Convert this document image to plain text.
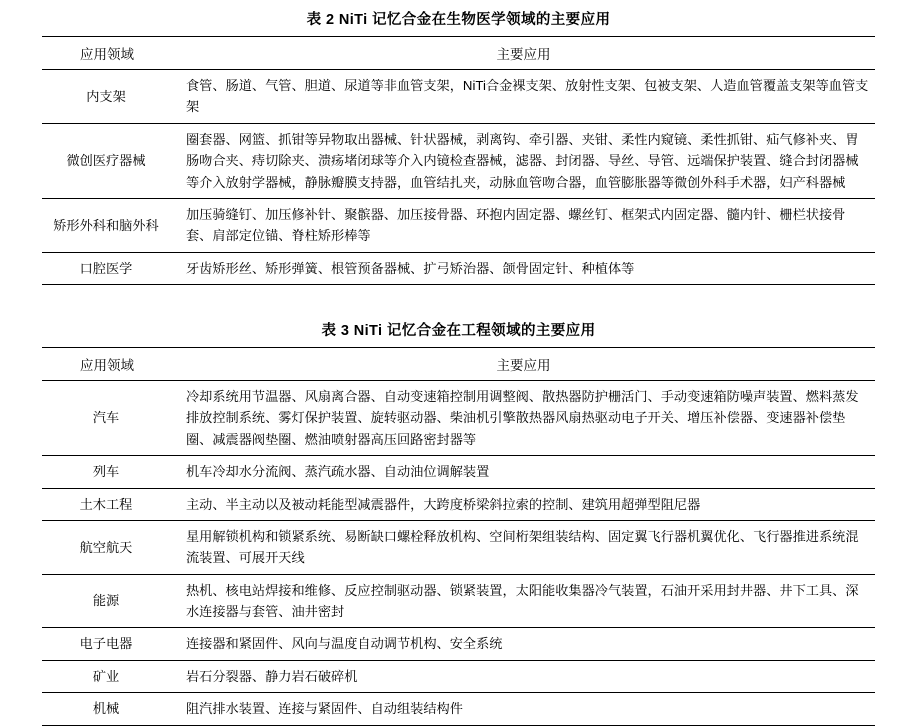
表 2 NiTi 记忆合金在生物医学领域的主要应用
应用领域	主要应用
内支架	食管、肠道、气管、胆道、尿道等非血管支架，NiTi合金裸支架、放射性支架、包被支架、人造血管覆盖支架等血管支架
微创医疗器械	圈套器、网篮、抓钳等异物取出器械、针状器械，剥离钩、牵引器、夹钳、柔性内窥镜、柔性抓钳、疝气修补夹、胃肠吻合夹、痔切除夹、溃疡堵闭球等介入内镜检查器械，滤器、封闭器、导丝、导管、远端保护装置、缝合封闭器械等介入放射学器械，静脉瓣膜支持器，血管结扎夹，动脉血管吻合器，血管膨胀器等微创外科手术器，妇产科器械
矫形外科和脑外科	加压骑缝钉、加压修补针、聚髌器、加压接骨器、环抱内固定器、螺丝钉、框架式内固定器、髓内针、栅栏状接骨套、肩部定位锚、脊柱矫形棒等
口腔医学	牙齿矫形丝、矫形弹簧、根管预备器械、扩弓矫治器、颌骨固定针、种植体等
表 3 NiTi 记忆合金在工程领域的主要应用
应用领域	主要应用
汽车	冷却系统用节温器、风扇离合器、自动变速箱控制用调整阀、散热器防护栅活门、手动变速箱防噪声装置、燃料蒸发排放控制系统、雾灯保护装置、旋转驱动器、柴油机引擎散热器风扇热驱动电子开关、增压补偿器、变速器补偿垫圈、减震器阀垫圈、燃油喷射器高压回路密封器等
列车	机车冷却水分流阀、蒸汽疏水器、自动油位调解装置
土木工程	主动、半主动以及被动耗能型减震器件，大跨度桥梁斜拉索的控制、建筑用超弹型阻尼器
航空航天	星用解锁机构和锁紧系统、易断缺口螺栓释放机构、空间桁架组装结构、固定翼飞行器机翼优化、飞行器推进系统混流装置、可展开天线
能源	热机、核电站焊接和维修、反应控制驱动器、锁紧装置，太阳能收集器冷气装置，石油开采用封井器、井下工具、深水连接器与套管、油井密封
电子电器	连接器和紧固件、风向与温度自动调节机构、安全系统
矿业	岩石分裂器、静力岩石破碎机
机械	阻汽排水装置、连接与紧固件、自动组装结构件
